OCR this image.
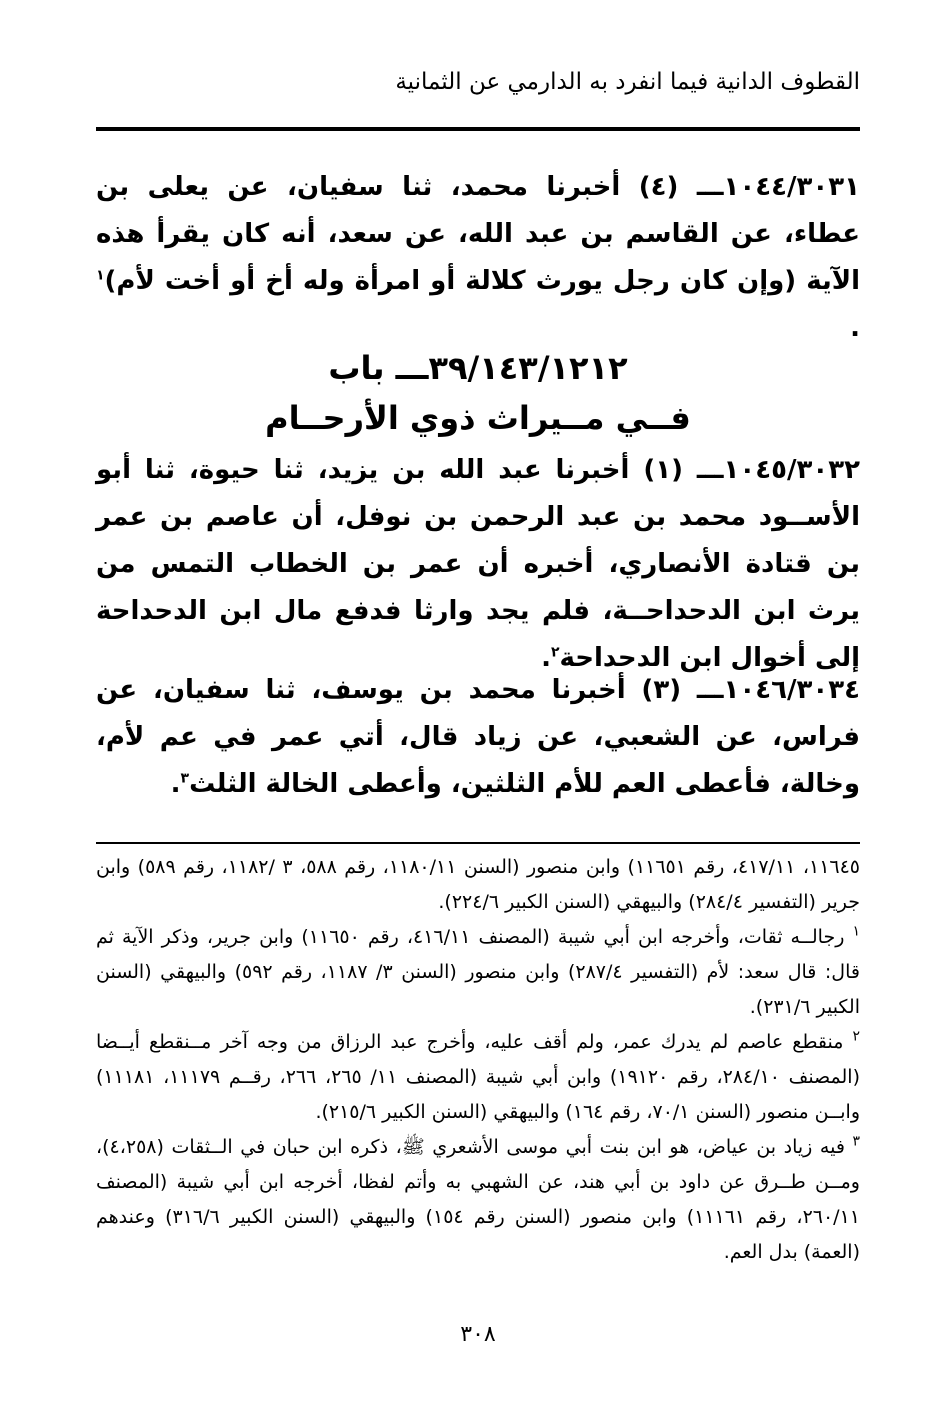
القطوف الدانية فيما انفرد به الدارمي عن الثمانية
١٠٤٤/٣٠٣١ـــ (٤) أخبرنا محمد، ثنا سفيان، عن يعلى بن عطاء، عن القاسم بن عبد الله، عن سعد، أنه كان يقرأ هذه الآية (وإن كان رجل يورث كلالة أو امرأة وله أخ أو أخت لأم)$^١$ .
٣٩/١٤٣/١٢١٢ـــ باب
فــي مــيراث ذوي الأرحــام
١٠٤٥/٣٠٣٢ـــ (١) أخبرنا عبد الله بن يزيد، ثنا حيوة، ثنا أبو الأســود محمد بن عبد الرحمن بن نوفل، أن عاصم بن عمر بن قتادة الأنصاري، أخبره أن عمر بن الخطاب التمس من يرث ابن الدحداحــة، فلم يجد وارثا فدفع مال ابن الدحداحة إلى أخوال ابن الدحداحة$^٢$.
١٠٤٦/٣٠٣٤ـــ (٣) أخبرنا محمد بن يوسف، ثنا سفيان، عن فراس، عن الشعبي، عن زياد قال، أتي عمر في عم لأم، وخالة، فأعطى العم للأم الثلثين، وأعطى الخالة الثلث$^٣$.

١١٦٤٥، ٤١٧/١١، رقم ١١٦٥١) وابن منصور (السنن ١١٨٠/١١، رقم ٥٨٨، ٣ /١١٨٢، رقم ٥٨٩) وابن جرير (التفسير ٢٨٤/٤) والبيهقي (السنن الكبير ٢٢٤/٦).

$^١$ رجالــه ثقات، وأخرجه ابن أبي شيبة (المصنف ٤١٦/١١، رقم ١١٦٥٠) وابن جرير، وذكر الآية ثم قال: قال سعد: لأم (التفسير ٢٨٧/٤) وابن منصور (السنن ٣/ ١١٨٧، رقم ٥٩٢) والبيهقي (السنن الكبير ٢٣١/٦).

$^٢$ منقطع عاصم لم يدرك عمر، ولم أقف عليه، وأخرج عبد الرزاق من وجه آخر مــنقطع أيــضا (المصنف ٢٨٤/١٠، رقم ١٩١٢٠) وابن أبي شيبة (المصنف ١١/ ٢٦٥، ٢٦٦، رقــم ١١١٧٩، ١١١٨١) وابــن منصور (السنن ٧٠/١، رقم ١٦٤) والبيهقي (السنن الكبير ٢١٥/٦).

$^٣$ فيه زياد بن عياض، هو ابن بنت أبي موسى الأشعري ﷺ، ذكره ابن حبان في الــثقات (٤،٢٥٨)، ومــن طــرق عن داود بن أبي هند، عن الشهبي به وأتم لفظا، أخرجه ابن أبي شيبة (المصنف ٢٦٠/١١، رقم ١١١٦١) وابن منصور (السنن رقم ١٥٤) والبيهقي (السنن الكبير ٣١٦/٦) وعندهم (العمة) بدل العم.

٣٠٨
